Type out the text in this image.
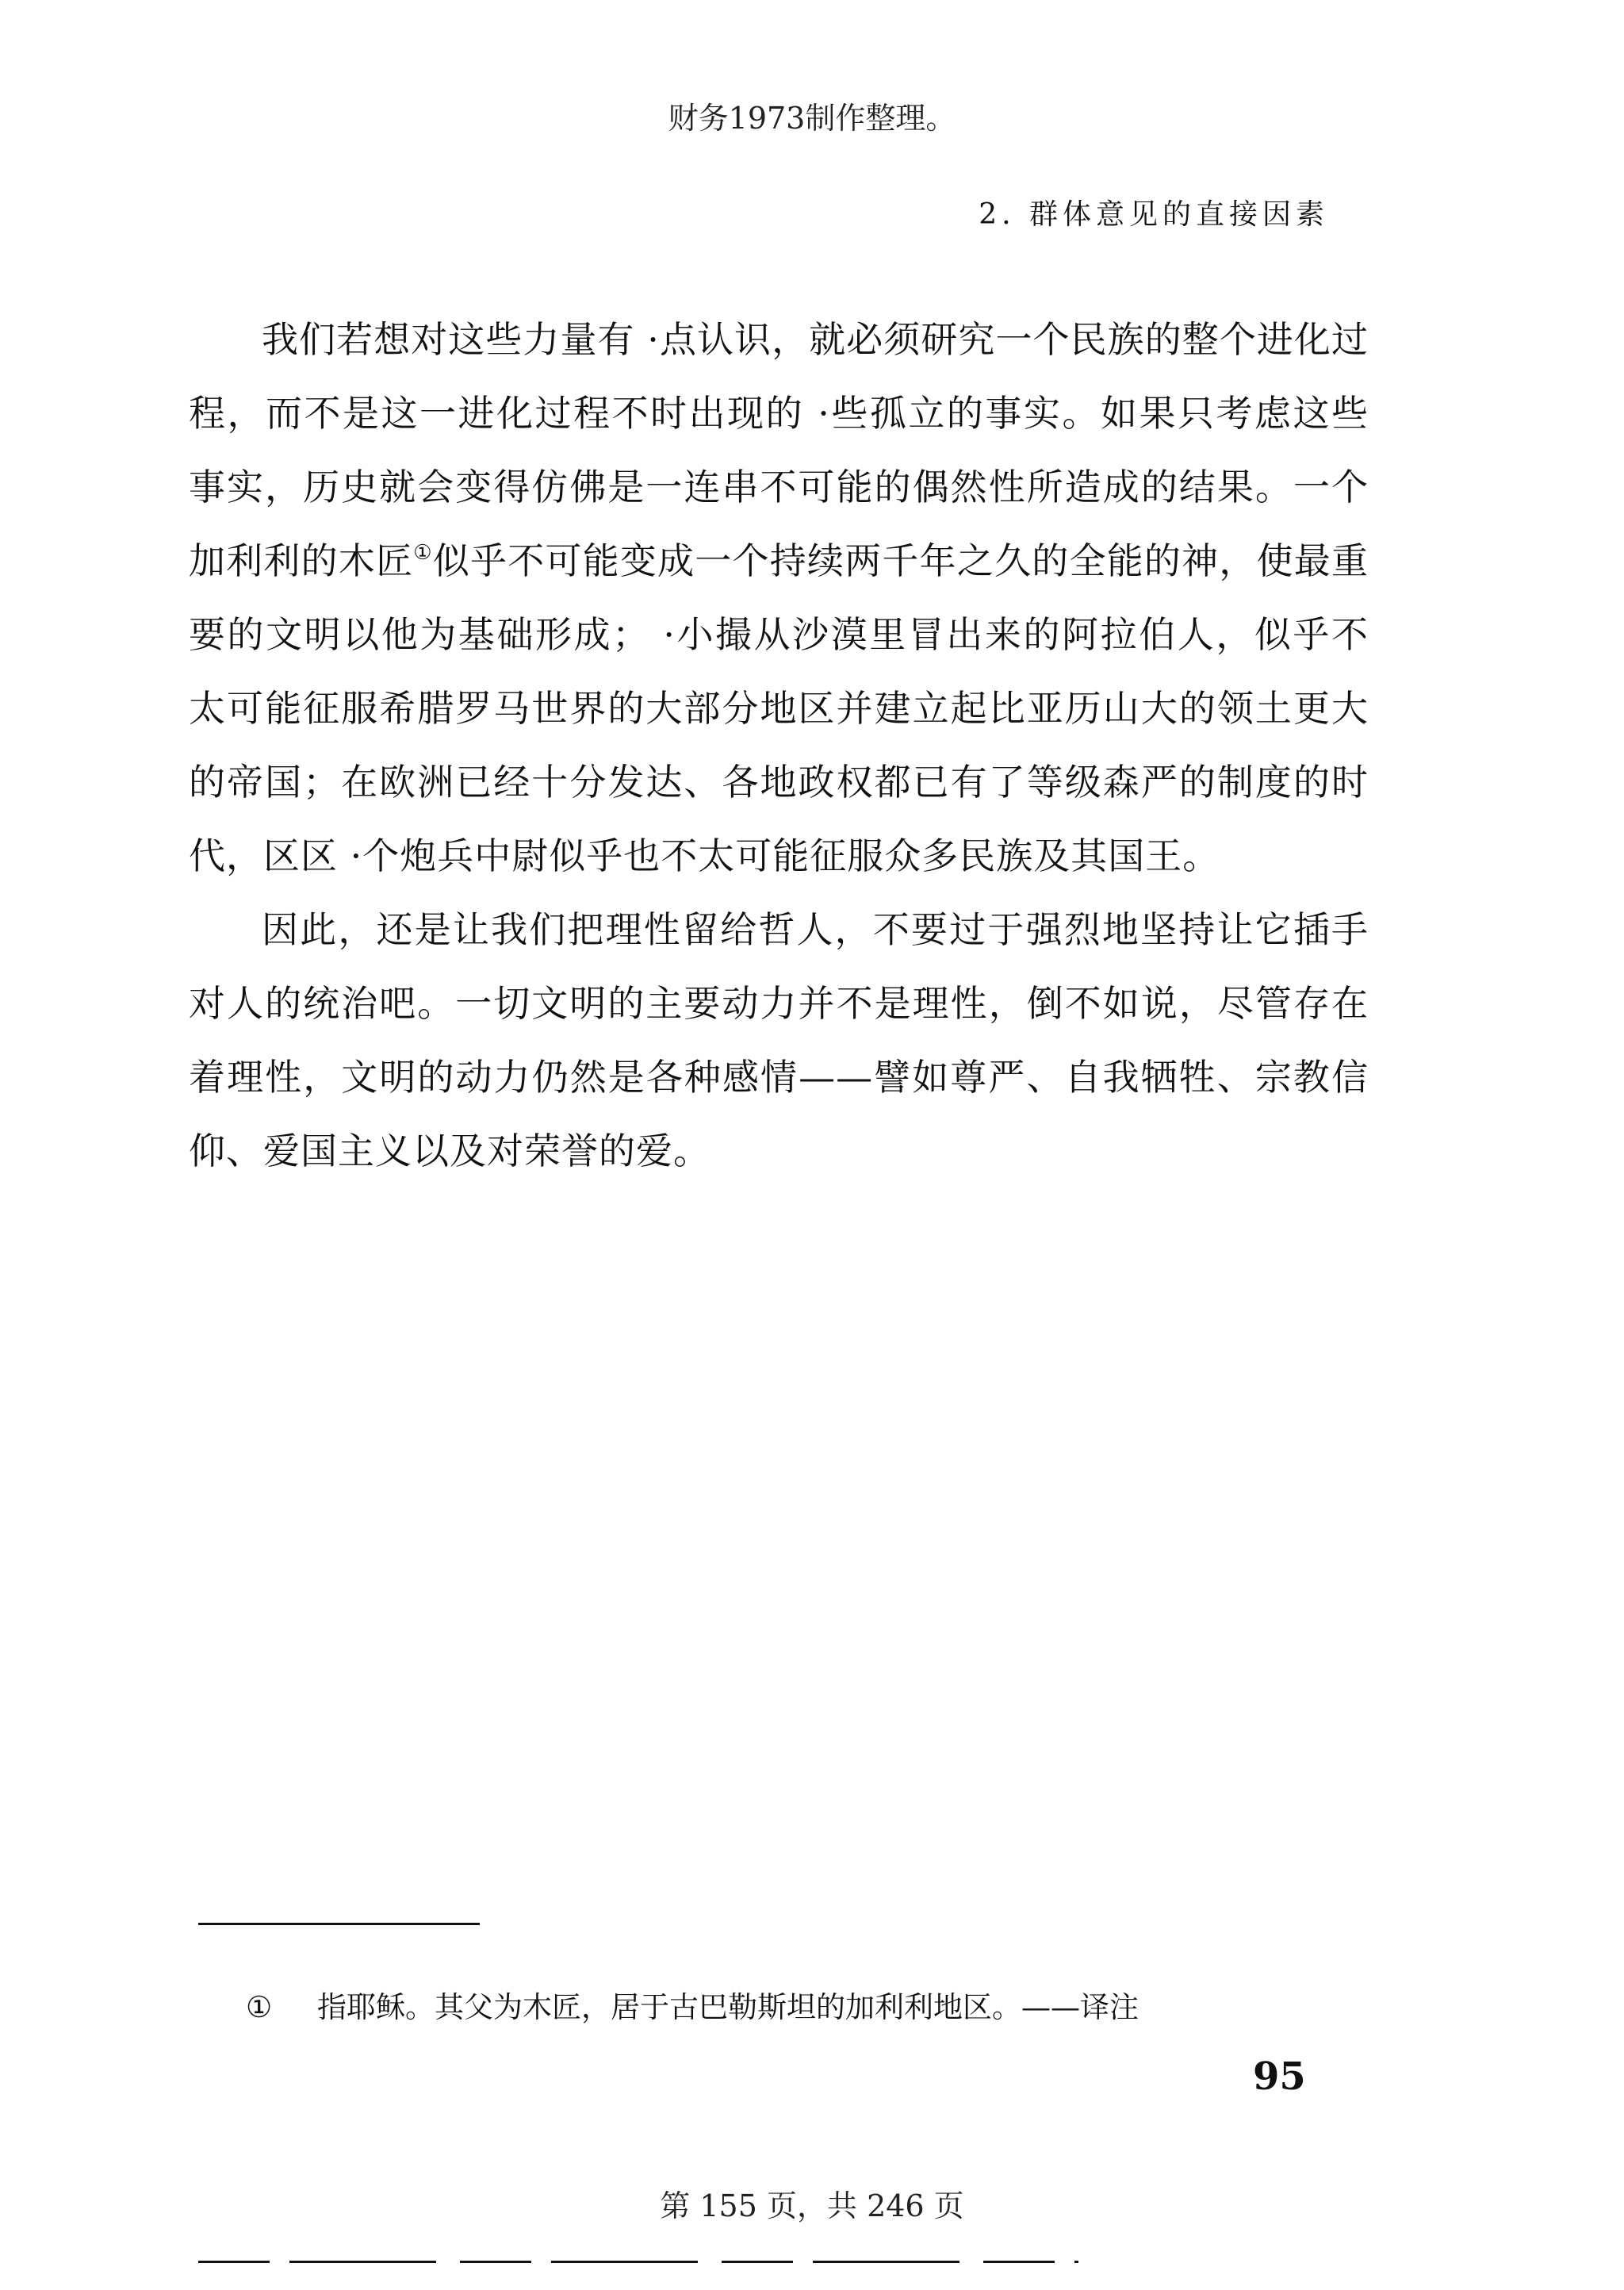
财务1973制作整理。
2. 群体意见的直接因素

我们若想对这些力量有 ·点认识，就必须研究一个民族的整个进化过程，而不是这一进化过程不时出现的 ·些孤立的事实。如果只考虑这些事实，历史就会变得仿佛是一连串不可能的偶然性所造成的结果。一个加利利的木匠①似乎不可能变成一个持续两千年之久的全能的神，使最重要的文明以他为基础形成； ·小撮从沙漠里冒出来的阿拉伯人，似乎不太可能征服希腊罗马世界的大部分地区并建立起比亚历山大的领土更大的帝国；在欧洲已经十分发达、各地政权都已有了等级森严的制度的时代，区区 ·个炮兵中尉似乎也不太可能征服众多民族及其国王。

因此，还是让我们把理性留给哲人，不要过于强烈地坚持让它插手对人的统治吧。一切文明的主要动力并不是理性，倒不如说，尽管存在着理性，文明的动力仍然是各种感情——譬如尊严、自我牺牲、宗教信仰、爱国主义以及对荣誉的爱。

① 指耶稣。其父为木匠，居于古巴勒斯坦的加利利地区。——译注
95
第 155 页，共 246 页
